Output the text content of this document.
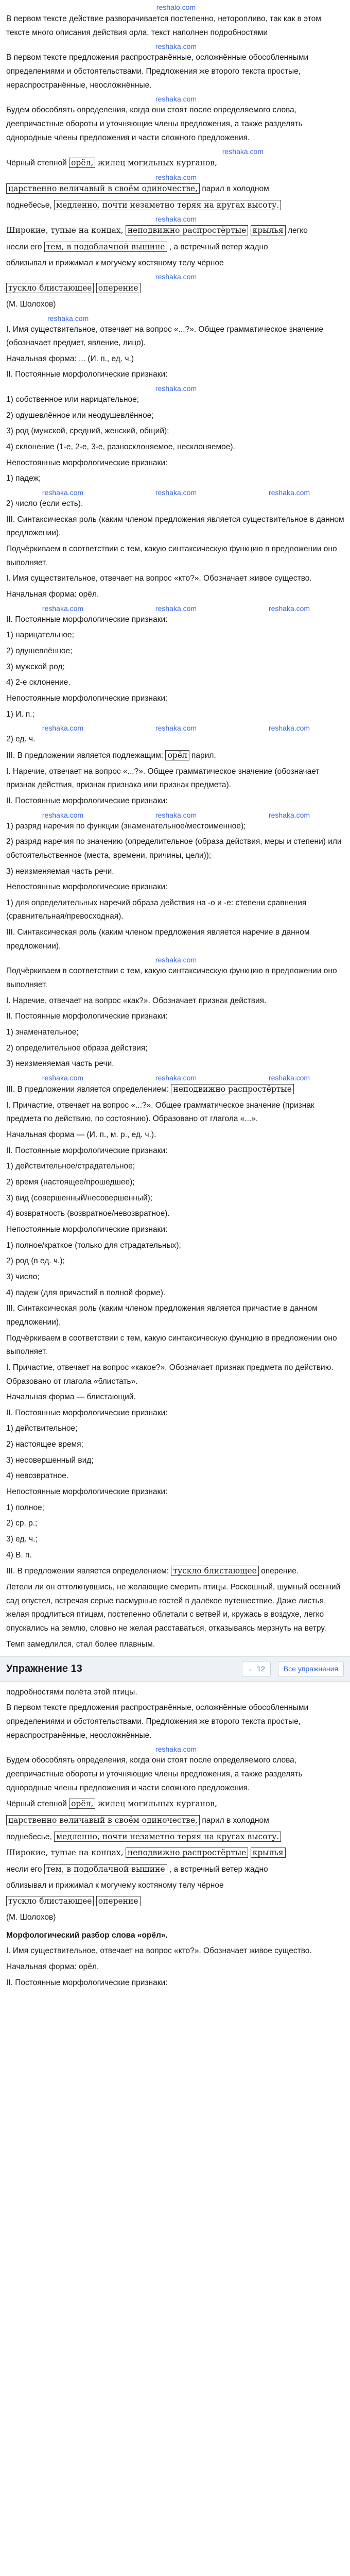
reshalo.com

В первом тексте действие разворачивается постепенно, неторопливо, так как в этом тексте много описания действия орла, текст наполнен подробностями

reshaka.com

В первом тексте предложения распространённые, осложнённые обособленными определениями и обстоятельствами. Предложения же второго текста простые, нераспространённые, неосложнённые.

reshaka.com

Будем обособлять определения, когда они стоят после определяемого слова, деепричастные обороты и уточняющие члены предложения, а также разделять однородные члены предложения и части сложного предложения.

reshaka.com

Чёрный степной орёл, жилец могильных курганов,

reshaka.com

царственно величавый в своём одиночестве, парил в холодном

поднебесье, медленно, почти незаметно теряя на кругах высоту.

reshaka.com

Широкие, тупые на концах, неподвижно распростёртые крылья легко

несли его тем, в подоблачной вышине , а встречный ветер жадно

облизывал и прижимал к могучему костяному телу чёрное

reshaka.com

тускло блистающее оперение

(М. Шолохов)

reshaka.com

I. Имя существительное, отвечает на вопрос «...?». Общее грамматическое значение (обозначает предмет, явление, лицо).

Начальная форма: ... (И. п., ед. ч.)

II. Постоянные морфологические признаки:

reshaka.com

1) собственное или нарицательное;

2) одушевлённое или неодушевлённое;

3) род (мужской, средний, женский, общий);

4) склонение (1-е, 2-е, 3-е, разносклоняемое, несклоняемое).

Непостоянные морфологические признаки:

1) падеж;

reshaka.com	reshaka.com	reshaka.com

2) число (если есть).

III. Синтаксическая роль (каким членом предложения является существительное в данном предложении).

Подчёркиваем в соответствии с тем, какую синтаксическую функцию в предложении оно выполняет.

I. Имя существительное, отвечает на вопрос «кто?». Обозначает живое существо.

Начальная форма: орёл.

reshaka.com	reshaka.com	reshaka.com

II. Постоянные морфологические признаки:

1) нарицательное;

2) одушевлённое;

3) мужской род;

4) 2-е склонение.

Непостоянные морфологические признаки:

1) И. п.;

reshaka.com	reshaka.com	reshaka.com

2) ед. ч.

III. В предложении является подлежащим: орёл парил.

I. Наречие, отвечает на вопрос «...?». Общее грамматическое значение (обозначает признак действия, признак признака или признак предмета).

II. Постоянные морфологические признаки:

reshaka.com	reshaka.com	reshaka.com

1) разряд наречия по функции (знаменательное/местоименное);

2) разряд наречия по значению (определительное (образа действия, меры и степени) или обстоятельственное (места, времени, причины, цели));

3) неизменяемая часть речи.

Непостоянные морфологические признаки:

1) для определительных наречий образа действия на -о и -е: степени сравнения (сравнительная/превосходная).

III. Синтаксическая роль (каким членом предложения является наречие в данном предложении).

reshaka.com

Подчёркиваем в соответствии с тем, какую синтаксическую функцию в предложении оно выполняет.

I. Наречие, отвечает на вопрос «как?». Обозначает признак действия.

II. Постоянные морфологические признаки:

1) знаменательное;

2) определительное образа действия;

3) неизменяемая часть речи.

reshaka.com	reshaka.com	reshaka.com

III. В предложении является определением: неподвижно распростёртые

I. Причастие, отвечает на вопрос «...?». Общее грамматическое значение (признак предмета по действию, по состоянию). Образовано от глагола «...».

Начальная форма — (И. п., м. р., ед. ч.).

II. Постоянные морфологические признаки:

1) действительное/страдательное;

2) время (настоящее/прошедшее);

3) вид (совершенный/несовершенный);

4) возвратность (возвратное/невозвратное).

Непостоянные морфологические признаки:

1) полное/краткое (только для страдательных);

2) род (в ед. ч.);

3) число;

4) падеж (для причастий в полной форме).

III. Синтаксическая роль (каким членом предложения является причастие в данном предложении).

Подчёркиваем в соответствии с тем, какую синтаксическую функцию в предложении оно выполняет.

I. Причастие, отвечает на вопрос «какое?». Обозначает признак предмета по действию. Образовано от глагола «блистать».

Начальная форма — блистающий.

II. Постоянные морфологические признаки:

1) действительное;

2) настоящее время;

3) несовершенный вид;

4) невозвратное.

Непостоянные морфологические признаки:

1) полное;

2) ср. р.;

3) ед. ч.;

4) В. п.

III. В предложении является определением: тускло блистающее оперение.

Летели ли он оттолкнувшись, не желающие смерить птицы. Роскошный, шумный осенний сад опустел, встречая серые пасмурные гостей в далёкое путешествие. Даже листья, желая продлиться птицам, постепенно облетали с ветвей и, кружась в воздухе, легко опускались на землю, словно не желая расставаться, отказываясь мерзнуть на ветру.

Темп замедлился, стал более плавным.

Упражнение 13	← 12	Все упражнения

подробностями полёта этой птицы.

В первом тексте предложения распространённые, осложнённые обособленными определениями и обстоятельствами. Предложения же второго текста простые, нераспространённые, неосложнённые.

reshaka.com

Будем обособлять определения, когда они стоят после определяемого слова, деепричастные обороты и уточняющие члены предложения, а также разделять однородные члены предложения и части сложного предложения.

Чёрный степной орёл, жилец могильных курганов,

царственно величавый в своём одиночестве, парил в холодном

поднебесье, медленно, почти незаметно теряя на кругах высоту.

Широкие, тупые на концах, неподвижно распростёртые крылья

несли его тем, в подоблачной вышине , а встречный ветер жадно

облизывал и прижимал к могучему костяному телу чёрное

тускло блистающее оперение

(М. Шолохов)

Морфологический разбор слова «орёл».

I. Имя существительное, отвечает на вопрос «кто?». Обозначает живое существо.

Начальная форма: орёл.

II. Постоянные морфологические признаки:
